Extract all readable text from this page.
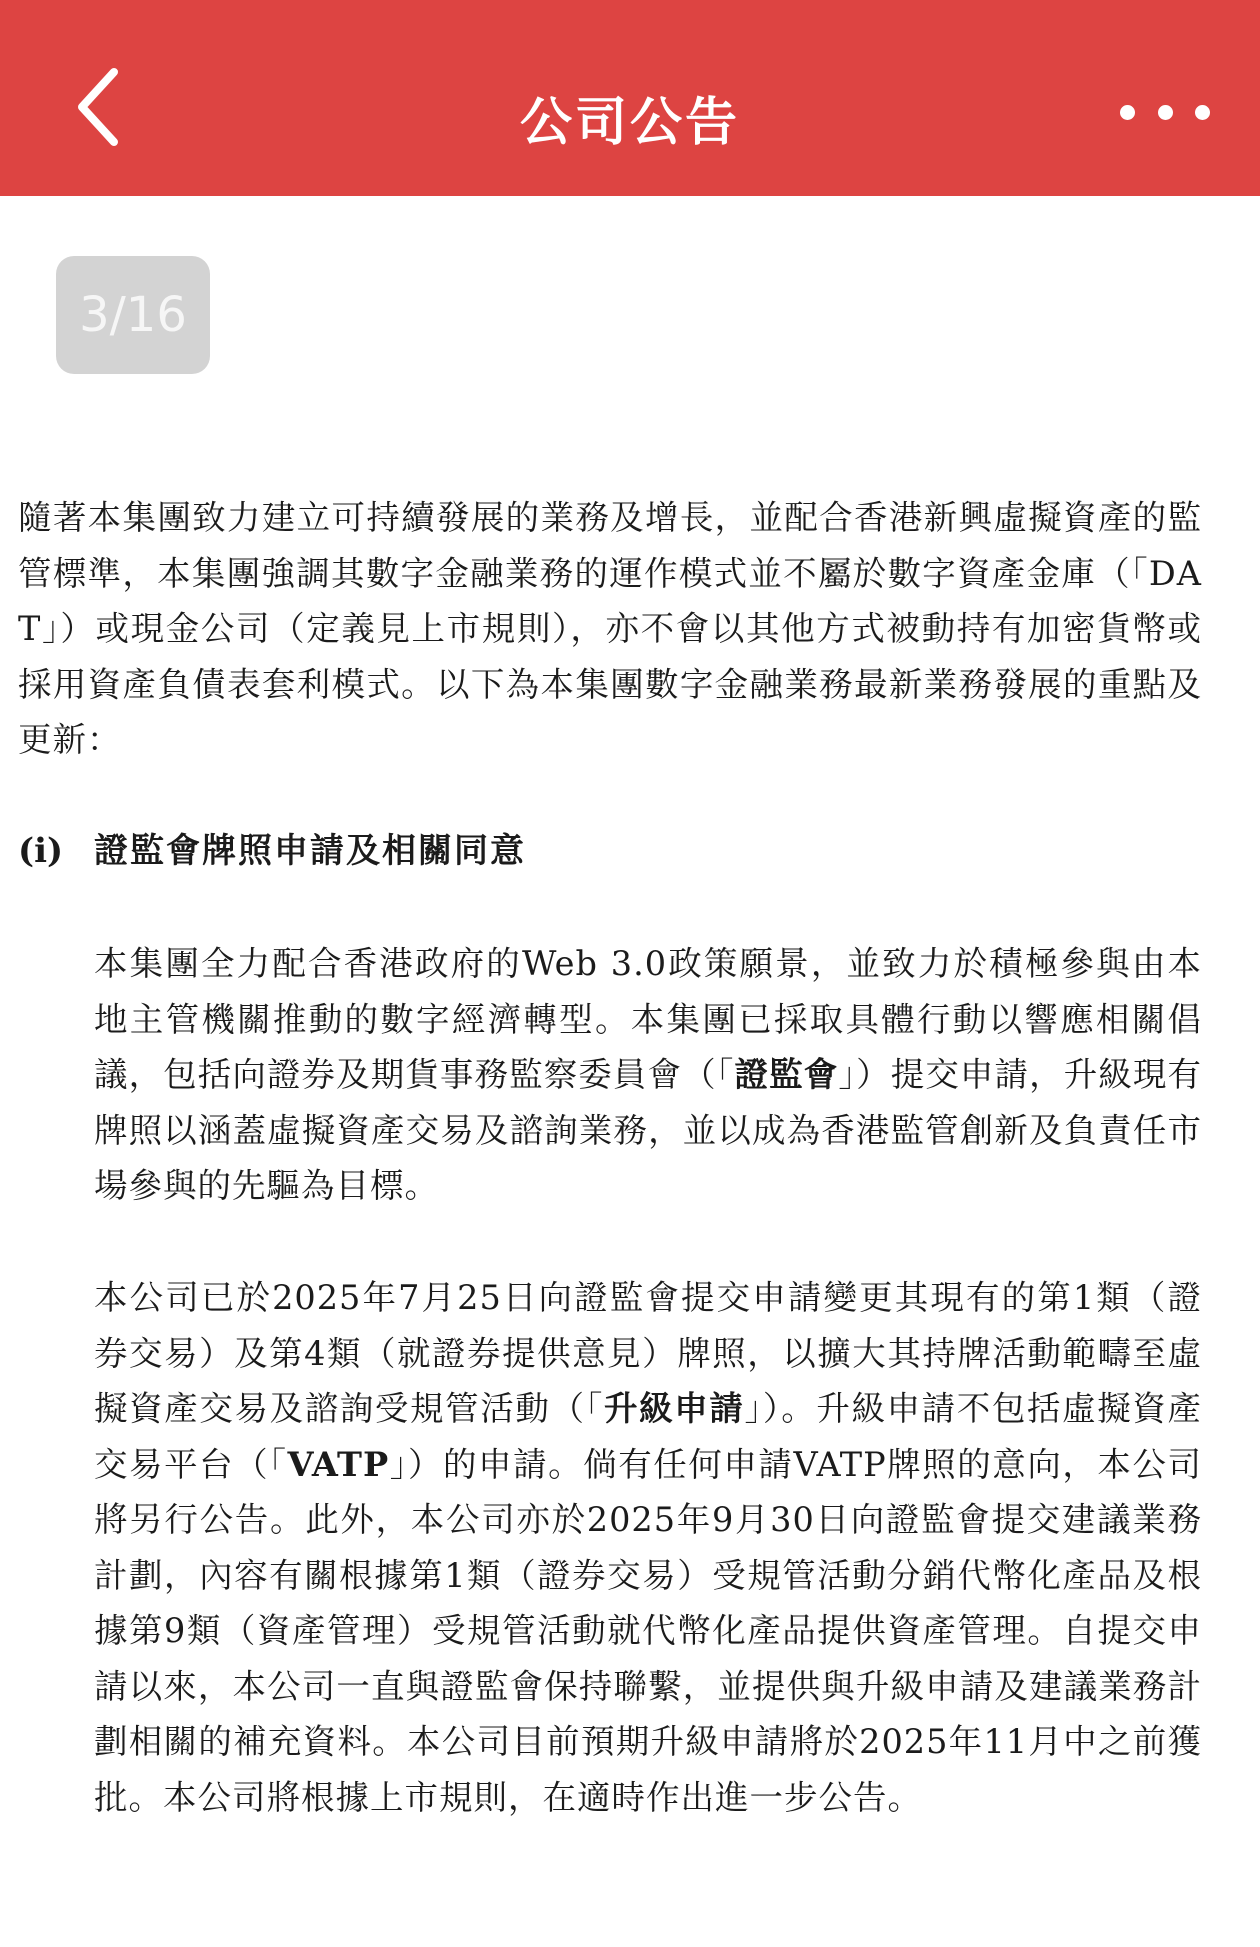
公司公告
3/16

隨著本集團致力建立可持續發展的業務及增長，並配合香港新興虛擬資產的監管標準，本集團強調其數字金融業務的運作模式並不屬於數字資產金庫（「DAT」）或現金公司（定義見上市規則），亦不會以其他方式被動持有加密貨幣或採用資產負債表套利模式。以下為本集團數字金融業務最新業務發展的重點及更新：

(i) 證監會牌照申請及相關同意

本集團全力配合香港政府的Web 3.0政策願景，並致力於積極參與由本地主管機關推動的數字經濟轉型。本集團已採取具體行動以響應相關倡議，包括向證券及期貨事務監察委員會（「證監會」）提交申請，升級現有牌照以涵蓋虛擬資產交易及諮詢業務，並以成為香港監管創新及負責任市場參與的先驅為目標。

本公司已於2025年7月25日向證監會提交申請變更其現有的第1類（證券交易）及第4類（就證券提供意見）牌照，以擴大其持牌活動範疇至虛擬資產交易及諮詢受規管活動（「升級申請」）。升級申請不包括虛擬資產交易平台（「VATP」）的申請。倘有任何申請VATP牌照的意向，本公司將另行公告。此外，本公司亦於2025年9月30日向證監會提交建議業務計劃，內容有關根據第1類（證券交易）受規管活動分銷代幣化產品及根據第9類（資產管理）受規管活動就代幣化產品提供資產管理。自提交申請以來，本公司一直與證監會保持聯繫，並提供與升級申請及建議業務計劃相關的補充資料。本公司目前預期升級申請將於2025年11月中之前獲批。本公司將根據上市規則，在適時作出進一步公告。
